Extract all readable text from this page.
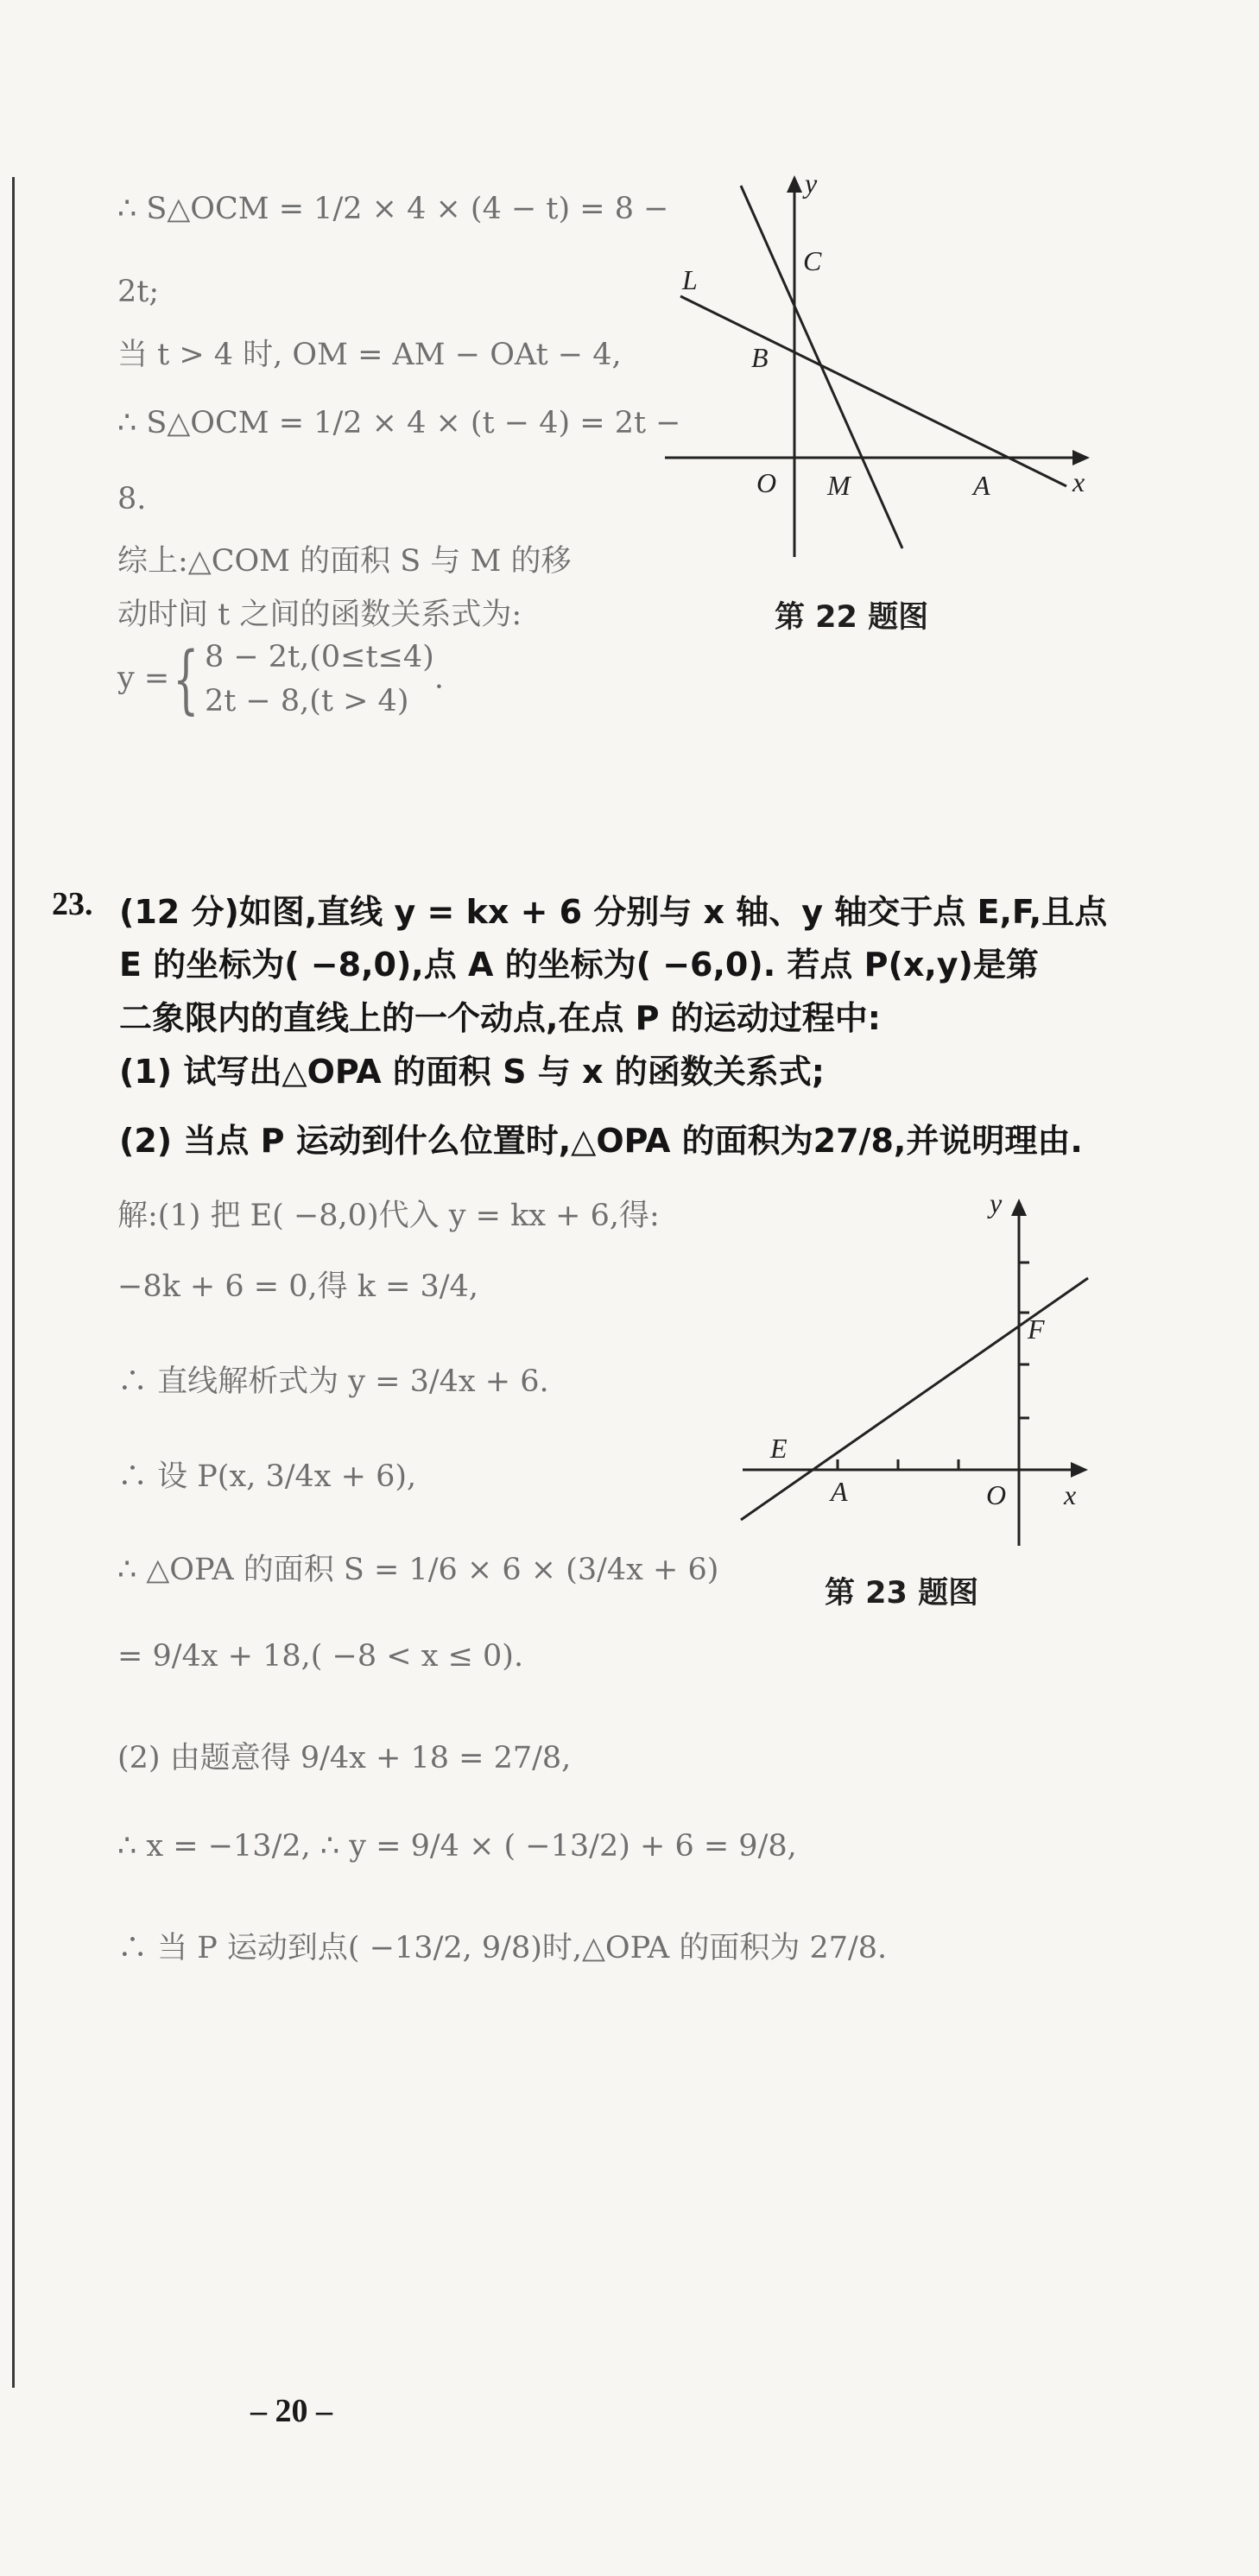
∴ S△OCM = 1/2 × 4 × (4 − t) = 8 −
2t;
当 t > 4 时, OM = AM − OAt − 4,
∴ S△OCM = 1/2 × 4 × (t − 4) = 2t −
8.
综上:△COM 的面积 S 与 M 的移
动时间 t 之间的函数关系式为:
y ={ 8 − 2t,(0≤t≤4)
2t − 8,(t > 4)
.
y
x
L
C
B
O M	A
第 22 题图
23. (12 分)如图,直线 y = kx + 6 分别与 x 轴、y 轴交于点 E,F,且点
E 的坐标为( −8,0),点 A 的坐标为( −6,0). 若点 P(x,y)是第
二象限内的直线上的一个动点,在点 P 的运动过程中:
(1) 试写出△OPA 的面积 S 与 x 的函数关系式;
(2) 当点 P 运动到什么位置时,△OPA 的面积为27/8,并说明理由.
解:(1) 把 E( −8,0)代入 y = kx + 6,得:
−8k + 6 = 0,得 k = 3/4,
∴ 直线解析式为 y = 3/4x + 6.
∴ 设 P(x, 3/4x + 6),
∴ △OPA 的面积 S = 1/6 × 6 × (3/4x + 6)
= 9/4x + 18,( −8 < x ≤ 0).
(2) 由题意得 9/4x + 18 = 27/8,
∴ x = −13/2, ∴ y = 9/4 × ( −13/2) + 6 = 9/8,
∴ 当 P 运动到点( −13/2, 9/8)时,△OPA 的面积为 27/8.
y
F
E
A	O x
第 23 题图
– 20 –
